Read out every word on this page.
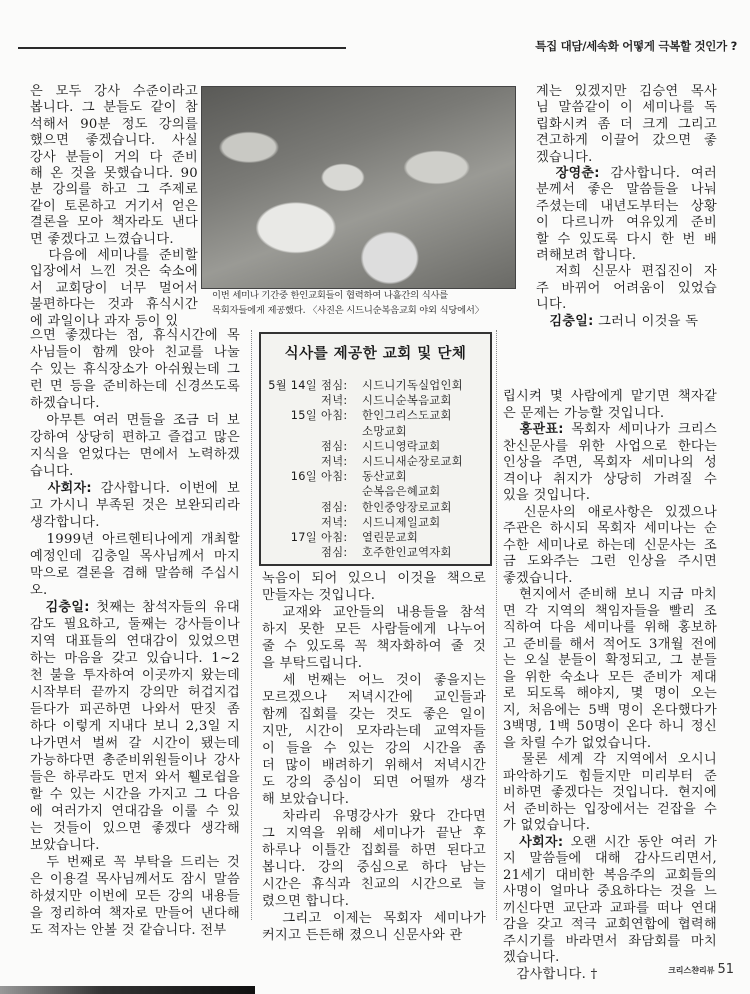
특집 대담/세속화 어떻게 극복할 것인가 ?
이번 세미나 기간중 한인교회들이 협력하여 나흘간의 식사를
목회자들에게 제공했다. 〈사진은 시드니순복음교회 야외 식당에서〉
식사를 제공한 교회 및 단체
5월 14일 점심: 시드니기독실업인회
저녁: 시드니순복음교회
15일 아침: 한인그리스도교회
소망교회
점심: 시드니영락교회
저녁: 시드니새순장로교회
16일 아침: 동산교회
순복음은혜교회
점심: 한인중앙장로교회
저녁: 시드니제일교회
17일 아침: 열린문교회
점심: 호주한인교역자회
은 모두 강사 수준이라고
봅니다. 그 분들도 같이 참
석해서 90분 정도 강의를
했으면 좋겠습니다. 사실
강사 분들이 거의 다 준비
해 온 것을 못했습니다. 90
분 강의를 하고 그 주제로
같이 토론하고 거기서 얻은
결론을 모아 책자라도 낸다
면 좋겠다고 느꼈습니다.
　다음에 세미나를 준비할
입장에서 느낀 것은 숙소에
서 교회당이 너무 멀어서
불편하다는 것과 휴식시간
에 과일이나 과자 등이 있
으면 좋겠다는 점, 휴식시간에 목
사님들이 함께 앉아 친교를 나눌
수 있는 휴식장소가 아쉬웠는데 그
런 면 등을 준비하는데 신경쓰도록
하겠습니다.
　아무튼 여러 면들을 조금 더 보
강하여 상당히 편하고 즐겁고 많은
지식을 얻었다는 면에서 노력하겠
습니다.
　사회자: 감사합니다. 이번에 보
고 가시니 부족된 것은 보완되리라
생각합니다.
　1999년 아르헨티나에게 개최할
예정인데 김충일 목사님께서 마지
막으로 결론을 겸해 말씀해 주십시
오.
　김충일: 첫째는 참석자들의 유대
감도 필요하고, 둘째는 강사들이나
지역 대표들의 연대감이 있었으면
하는 마음을 갖고 있습니다. 1~2
천 불을 투자하여 이곳까지 왔는데
시작부터 끝까지 강의만 허겁지겁
듣다가 피곤하면 나와서 딴짓 좀
하다 이렇게 지내다 보니 2,3일 지
나가면서 벌써 갈 시간이 됐는데
가능하다면 총준비위원들이나 강사
들은 하루라도 먼저 와서 휄로쉽을
할 수 있는 시간을 가지고 그 다음
에 여러가지 연대감을 이룰 수 있
는 것들이 있으면 좋겠다 생각해
보았습니다.
　두 번째로 꼭 부탁을 드리는 것
은 이용걸 목사님께서도 잠시 말씀
하셨지만 이번에 모든 강의 내용들
을 정리하여 책자로 만들어 낸다해
도 적자는 안볼 것 같습니다. 전부
녹음이 되어 있으니 이것을 책으로
만들자는 것입니다.
　교재와 교안들의 내용들을 참석
하지 못한 모든 사람들에게 나누어
줄 수 있도록 꼭 책자화하여 줄 것
을 부탁드립니다.
　세 번째는 어느 것이 좋을지는
모르겠으나 저녁시간에 교인들과
함께 집회를 갖는 것도 좋은 일이
지만, 시간이 모자라는데 교역자들
이 들을 수 있는 강의 시간을 좀
더 많이 배려하기 위해서 저녁시간
도 강의 중심이 되면 어떨까 생각
해 보았습니다.
　차라리 유명강사가 왔다 간다면
그 지역을 위해 세미나가 끝난 후
하루나 이틀간 집회를 하면 된다고
봅니다. 강의 중심으로 하다 남는
시간은 휴식과 친교의 시간으로 늘
렸으면 합니다.
　그리고 이제는 목회자 세미나가
커지고 든든해 졌으니 신문사와 관
계는 있겠지만 김승연 목사
님 말씀같이 이 세미나를 독
립화시켜 좀 더 크게 그리고
견고하게 이끌어 갔으면 좋
겠습니다.
　장영춘: 감사합니다. 여러
분께서 좋은 말씀들을 나눠
주셨는데 내년도부터는 상황
이 다르니까 여유있게 준비
할 수 있도록 다시 한 번 배
려해보려 합니다.
　저희 신문사 편집진이 자
주 바뀌어 어려움이 있었습
니다.
　김충일: 그러니 이것을 독
립시켜 몇 사람에게 맡기면 책자같
은 문제는 가능할 것입니다.
　홍관표: 목회자 세미나가 크리스
찬신문사를 위한 사업으로 한다는
인상을 주면, 목회자 세미나의 성
격이나 취지가 상당히 가려질 수
있을 것입니다.
　신문사의 애로사항은 있겠으나
주관은 하시되 목회자 세미나는 순
수한 세미나로 하는데 신문사는 조
금 도와주는 그런 인상을 주시면
좋겠습니다.
　현지에서 준비해 보니 지금 마치
면 각 지역의 책임자들을 빨리 조
직하여 다음 세미나를 위해 홍보하
고 준비를 해서 적어도 3개월 전에
는 오실 분들이 확정되고, 그 분들
을 위한 숙소나 모든 준비가 제대
로 되도록 해야지, 몇 명이 오는
지, 처음에는 5백 명이 온다했다가
3백명, 1백 50명이 온다 하니 정신
을 차릴 수가 없었습니다.
　물론 세계 각 지역에서 오시니
파악하기도 힘들지만 미리부터 준
비하면 좋겠다는 것입니다. 현지에
서 준비하는 입장에서는 걷잡을 수
가 없었습니다.
　사회자: 오랜 시간 동안 여러 가
지 말씀들에 대해 감사드리면서,
21세기 대비한 복음주의 교회들의
사명이 얼마나 중요하다는 것을 느
끼신다면 교단과 교파를 떠나 연대
감을 갖고 적극 교회연합에 협력해
주시기를 바라면서 좌담회를 마치
겠습니다.
　감사합니다. †	크리스챤리뷰 51
